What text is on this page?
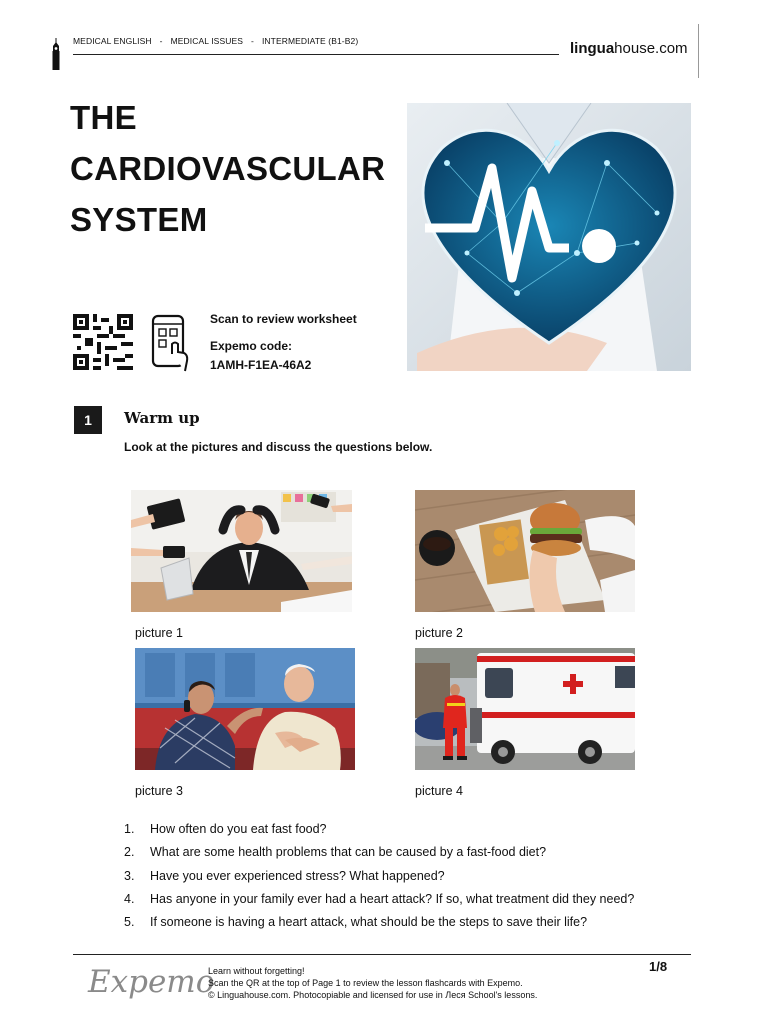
MEDICAL ENGLISH - MEDICAL ISSUES - INTERMEDIATE (B1-B2)	linguahouse.com
THE
CARDIOVASCULAR
SYSTEM
Scan to review worksheet
Expemo code:
1AMH-F1EA-46A2
1	Warm up
Look at the pictures and discuss the questions below.
picture 1	picture 2
picture 3	picture 4
1. How often do you eat fast food?
2. What are some health problems that can be caused by a fast-food diet?
3. Have you ever experienced stress? What happened?
4. Has anyone in your family ever had a heart attack? If so, what treatment did they need?
5. If someone is having a heart attack, what should be the steps to save their life?
Expemo
Learn without forgetting!
Scan the QR at the top of Page 1 to review the lesson flashcards with Expemo.
© Linguahouse.com. Photocopiable and licensed for use in Леся School's lessons.
1/8
